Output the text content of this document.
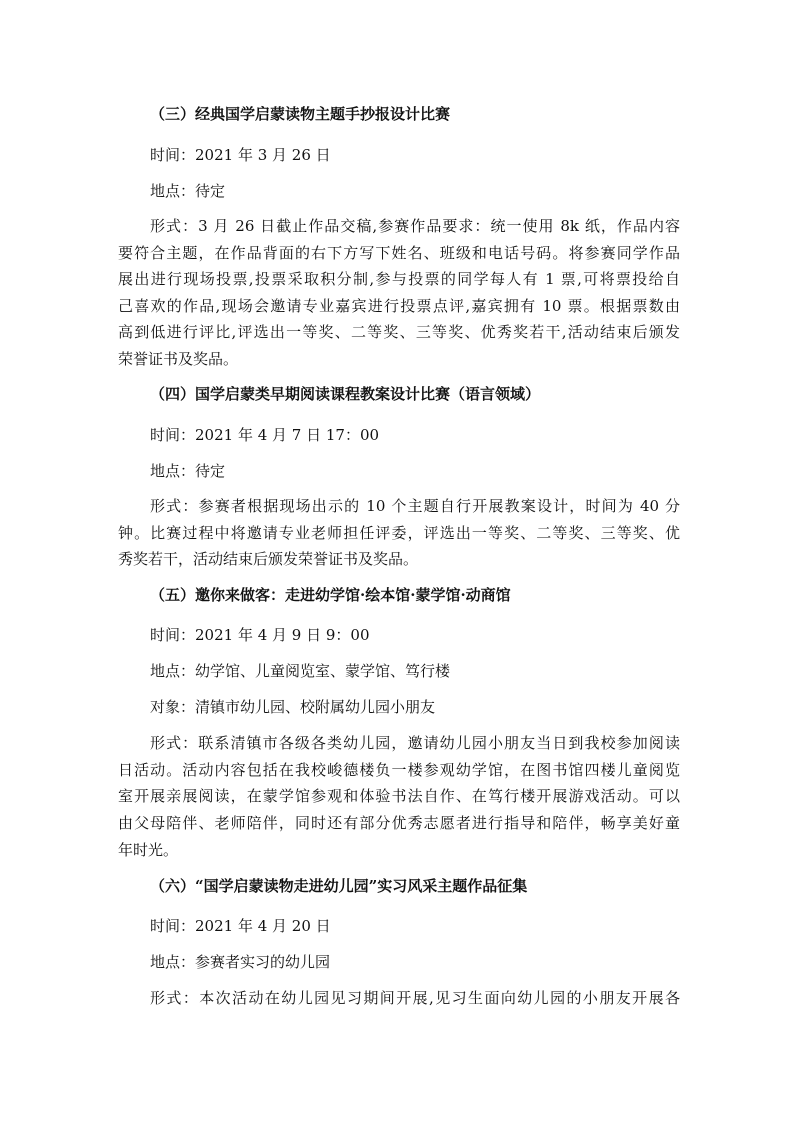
（三）经典国学启蒙读物主题手抄报设计比赛
时间：2021 年 3 月 26 日
地点：待定
形式：3 月 26 日截止作品交稿,参赛作品要求：统一使用 8k 纸，作品内容
要符合主题，在作品背面的右下方写下姓名、班级和电话号码。将参赛同学作品
展出进行现场投票,投票采取积分制,参与投票的同学每人有 1 票,可将票投给自
己喜欢的作品,现场会邀请专业嘉宾进行投票点评,嘉宾拥有 10 票。根据票数由
高到低进行评比,评选出一等奖、二等奖、三等奖、优秀奖若干,活动结束后颁发
荣誉证书及奖品。
（四）国学启蒙类早期阅读课程教案设计比赛（语言领域）
时间：2021 年 4 月 7 日 17：00
地点：待定
形式：参赛者根据现场出示的 10 个主题自行开展教案设计，时间为 40 分
钟。比赛过程中将邀请专业老师担任评委，评选出一等奖、二等奖、三等奖、优
秀奖若干，活动结束后颁发荣誉证书及奖品。
（五）邀你来做客：走进幼学馆·绘本馆·蒙学馆·动商馆
时间：2021 年 4 月 9 日 9：00
地点：幼学馆、儿童阅览室、蒙学馆、笃行楼
对象：清镇市幼儿园、校附属幼儿园小朋友
形式：联系清镇市各级各类幼儿园，邀请幼儿园小朋友当日到我校参加阅读
日活动。活动内容包括在我校峻德楼负一楼参观幼学馆，在图书馆四楼儿童阅览
室开展亲展阅读，在蒙学馆参观和体验书法自作、在笃行楼开展游戏活动。可以
由父母陪伴、老师陪伴，同时还有部分优秀志愿者进行指导和陪伴，畅享美好童
年时光。
（六）“国学启蒙读物走进幼儿园”实习风采主题作品征集
时间：2021 年 4 月 20 日
地点：参赛者实习的幼儿园
形式：本次活动在幼儿园见习期间开展,见习生面向幼儿园的小朋友开展各
